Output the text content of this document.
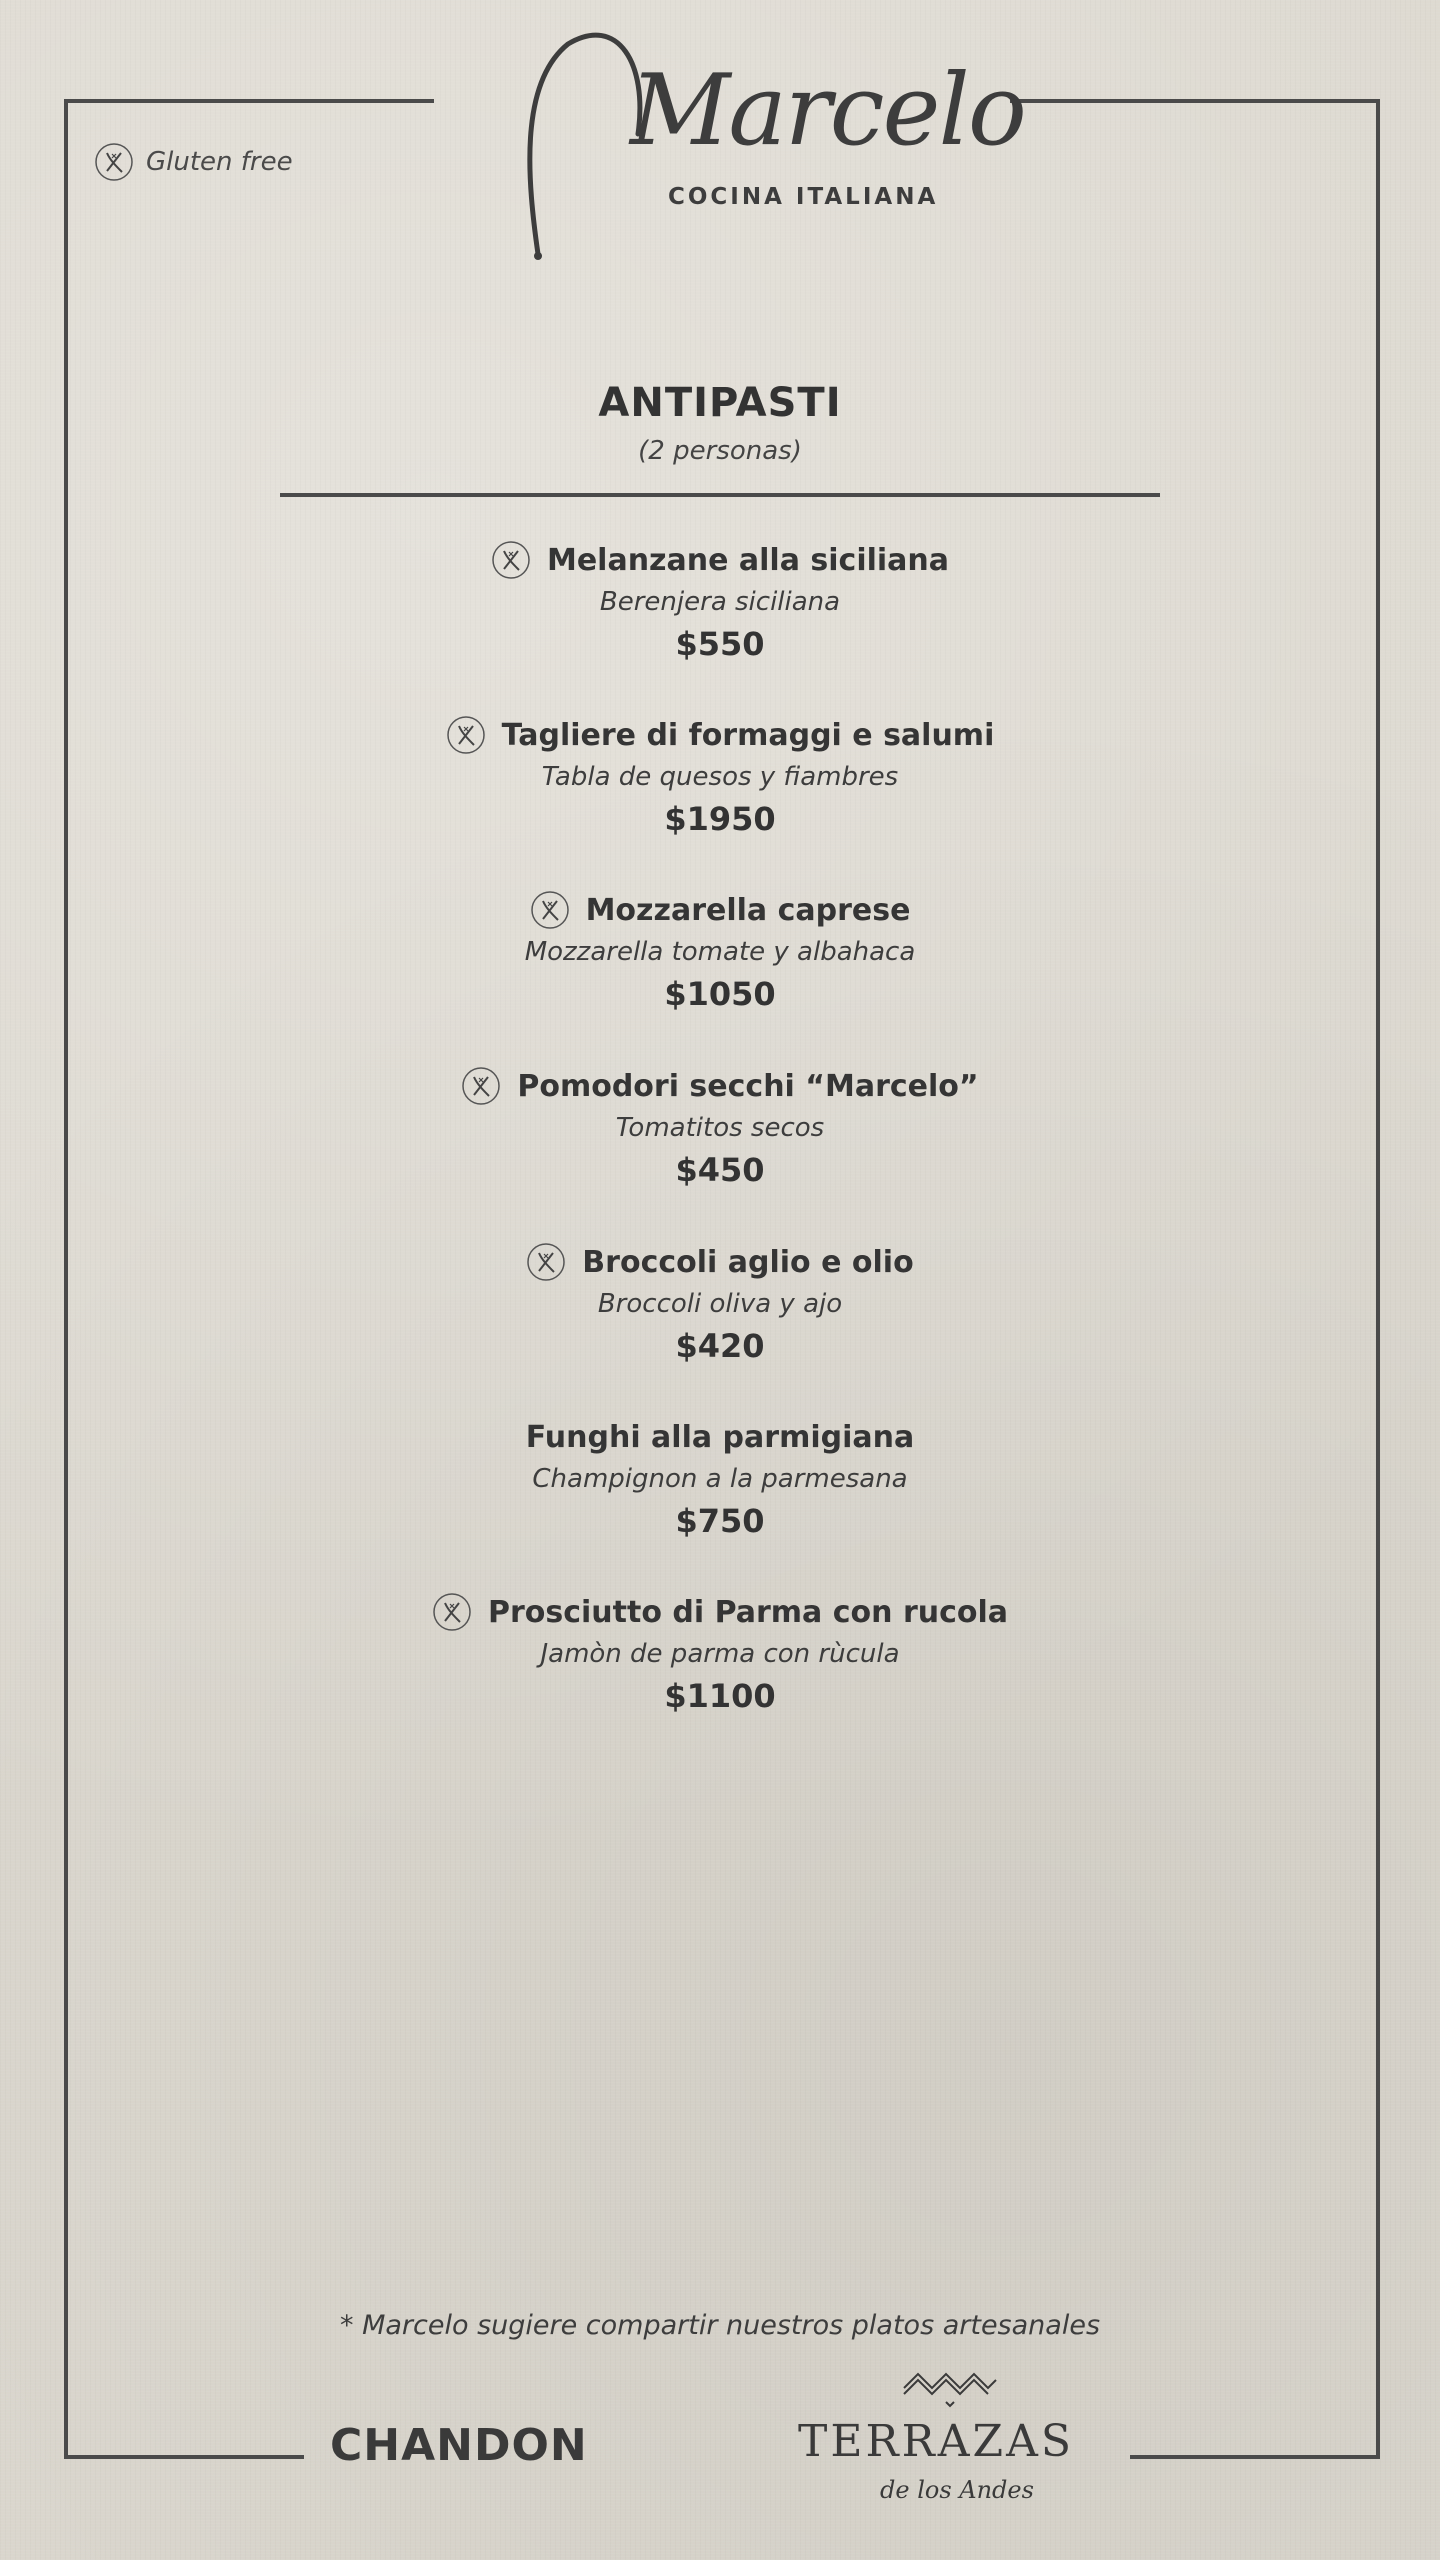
Marcelo
COCINA ITALIANA
Gluten free
ANTIPASTI
(2 personas)
Melanzane alla siciliana
Berenjera siciliana
$550
Tagliere di formaggi e salumi
Tabla de quesos y fiambres
$1950
Mozzarella caprese
Mozzarella tomate y albahaca
$1050
Pomodori secchi “Marcelo”
Tomatitos secos
$450
Broccoli aglio e olio
Broccoli oliva y ajo
$420
Funghi alla parmigiana
Champignon a la parmesana
$750
Prosciutto di Parma con rucola
Jamòn de parma con rùcula
$1100
* Marcelo sugiere compartir nuestros platos artesanales
CHANDON	TERRAZAS
de los Andes
